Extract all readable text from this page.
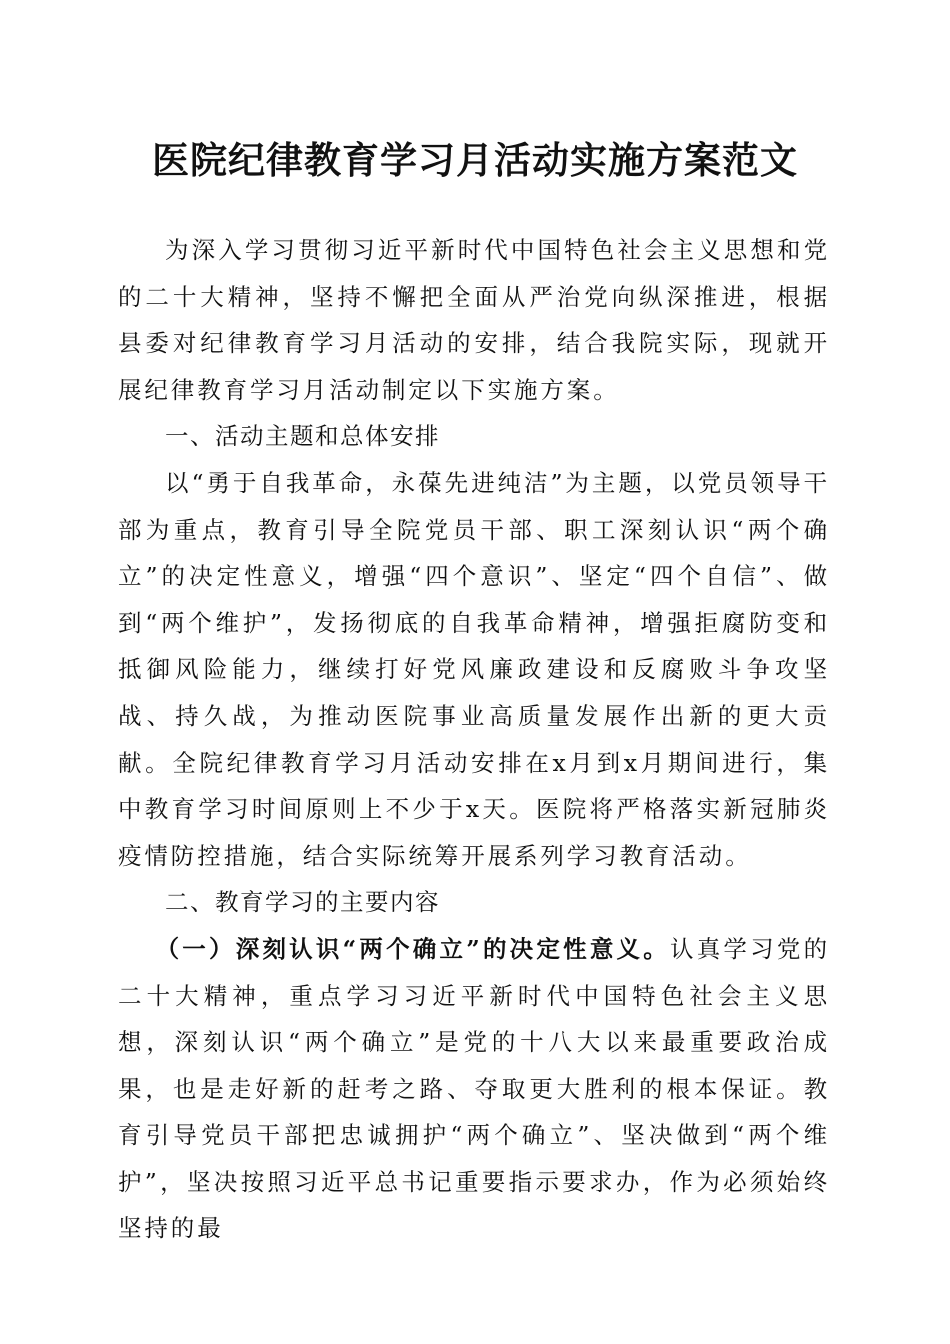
医院纪律教育学习月活动实施方案范文

为深入学习贯彻习近平新时代中国特色社会主义思想和党的二十大精神，坚持不懈把全面从严治党向纵深推进，根据县委对纪律教育学习月活动的安排，结合我院实际，现就开展纪律教育学习月活动制定以下实施方案。

一、活动主题和总体安排

以“勇于自我革命，永葆先进纯洁”为主题，以党员领导干部为重点，教育引导全院党员干部、职工深刻认识“两个确立”的决定性意义，增强“四个意识”、坚定“四个自信”、做到“两个维护”，发扬彻底的自我革命精神，增强拒腐防变和抵御风险能力，继续打好党风廉政建设和反腐败斗争攻坚战、持久战，为推动医院事业高质量发展作出新的更大贡献。全院纪律教育学习月活动安排在x月到x月期间进行，集中教育学习时间原则上不少于x天。医院将严格落实新冠肺炎疫情防控措施，结合实际统筹开展系列学习教育活动。

二、教育学习的主要内容

（一）深刻认识“两个确立”的决定性意义。认真学习党的二十大精神，重点学习习近平新时代中国特色社会主义思想，深刻认识“两个确立”是党的十八大以来最重要政治成果，也是走好新的赶考之路、夺取更大胜利的根本保证。教育引导党员干部把忠诚拥护“两个确立”、坚决做到“两个维护”，坚决按照习近平总书记重要指示要求办，作为必须始终坚持的最
